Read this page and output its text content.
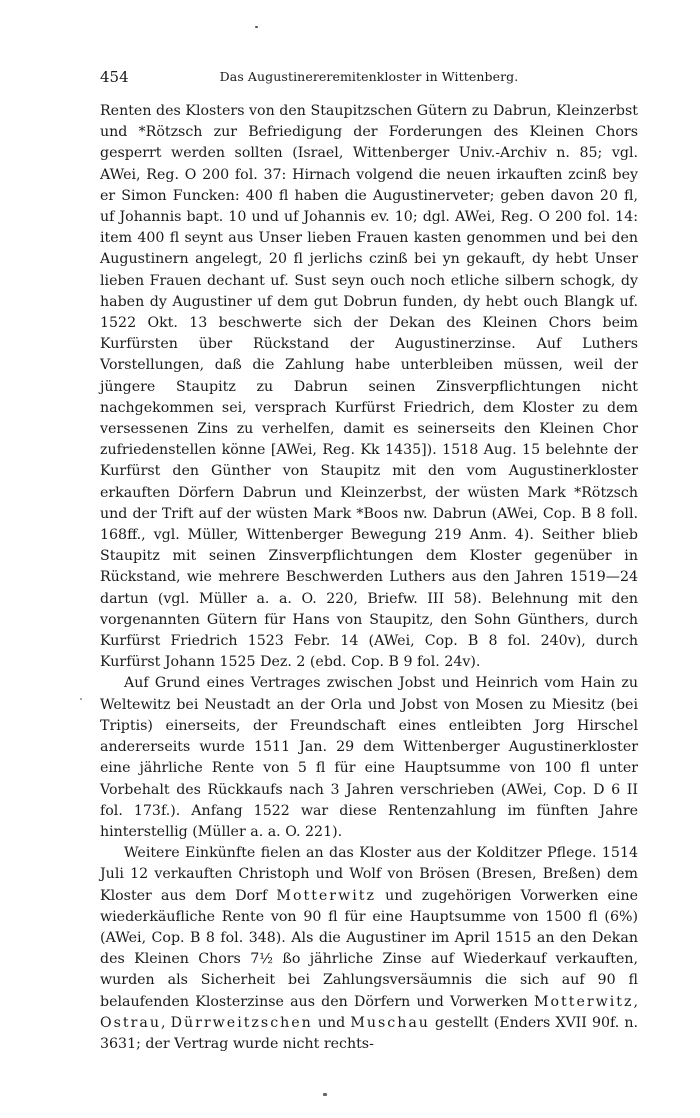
454	Das Augustinereremitenkloster in Wittenberg.

Renten des Klosters von den Staupitzschen Gütern zu Dabrun, Kleinzerbst und *Rötzsch zur Befriedigung der Forderungen des Kleinen Chors gesperrt werden sollten (Israel, Wittenberger Univ.-Archiv n. 85; vgl. AWei, Reg. O 200 fol. 37: Hirnach volgend die neuen irkauften zcinß bey er Simon Funcken: 400 fl haben die Augustinerveter; geben davon 20 fl, uf Johannis bapt. 10 und uf Johannis ev. 10; dgl. AWei, Reg. O 200 fol. 14: item 400 fl seynt aus Unser lieben Frauen kasten genommen und bei den Augustinern angelegt, 20 fl jerlichs czinß bei yn gekauft, dy hebt Unser lieben Frauen dechant uf. Sust seyn ouch noch etliche silbern schogk, dy haben dy Augustiner uf dem gut Dobrun funden, dy hebt ouch Blangk uf. 1522 Okt. 13 beschwerte sich der Dekan des Kleinen Chors beim Kurfürsten über Rückstand der Augustinerzinse. Auf Luthers Vorstellungen, daß die Zahlung habe unterbleiben müssen, weil der jüngere Staupitz zu Dabrun seinen Zinsverpflichtungen nicht nachgekommen sei, versprach Kurfürst Friedrich, dem Kloster zu dem versessenen Zins zu verhelfen, damit es seinerseits den Kleinen Chor zufriedenstellen könne [AWei, Reg. Kk 1435]). 1518 Aug. 15 belehnte der Kurfürst den Günther von Staupitz mit den vom Augustinerkloster erkauften Dörfern Dabrun und Kleinzerbst, der wüsten Mark *Rötzsch und der Trift auf der wüsten Mark *Boos nw. Dabrun (AWei, Cop. B 8 foll. 168ff., vgl. Müller, Wittenberger Bewegung 219 Anm. 4). Seither blieb Staupitz mit seinen Zinsverpflichtungen dem Kloster gegenüber in Rückstand, wie mehrere Beschwerden Luthers aus den Jahren 1519—24 dartun (vgl. Müller a. a. O. 220, Briefw. III 58). Belehnung mit den vorgenannten Gütern für Hans von Staupitz, den Sohn Günthers, durch Kurfürst Friedrich 1523 Febr. 14 (AWei, Cop. B 8 fol. 240v), durch Kurfürst Johann 1525 Dez. 2 (ebd. Cop. B 9 fol. 24v).

Auf Grund eines Vertrages zwischen Jobst und Heinrich vom Hain zu Weltewitz bei Neustadt an der Orla und Jobst von Mosen zu Miesitz (bei Triptis) einerseits, der Freundschaft eines entleibten Jorg Hirschel andererseits wurde 1511 Jan. 29 dem Wittenberger Augustinerkloster eine jährliche Rente von 5 fl für eine Hauptsumme von 100 fl unter Vorbehalt des Rückkaufs nach 3 Jahren verschrieben (AWei, Cop. D 6 II fol. 173f.). Anfang 1522 war diese Rentenzahlung im fünften Jahre hinterstellig (Müller a. a. O. 221).

Weitere Einkünfte fielen an das Kloster aus der Kolditzer Pflege. 1514 Juli 12 verkauften Christoph und Wolf von Brösen (Bresen, Breßen) dem Kloster aus dem Dorf Motterwitz und zugehörigen Vorwerken eine wiederkäufliche Rente von 90 fl für eine Hauptsumme von 1500 fl (6%) (AWei, Cop. B 8 fol. 348). Als die Augustiner im April 1515 an den Dekan des Kleinen Chors 7½ ßo jährliche Zinse auf Wiederkauf verkauften, wurden als Sicherheit bei Zahlungsversäumnis die sich auf 90 fl belaufenden Klosterzinse aus den Dörfern und Vorwerken Motterwitz, Ostrau, Dürrweitzschen und Muschau gestellt (Enders XVII 90f. n. 3631; der Vertrag wurde nicht rechts-
